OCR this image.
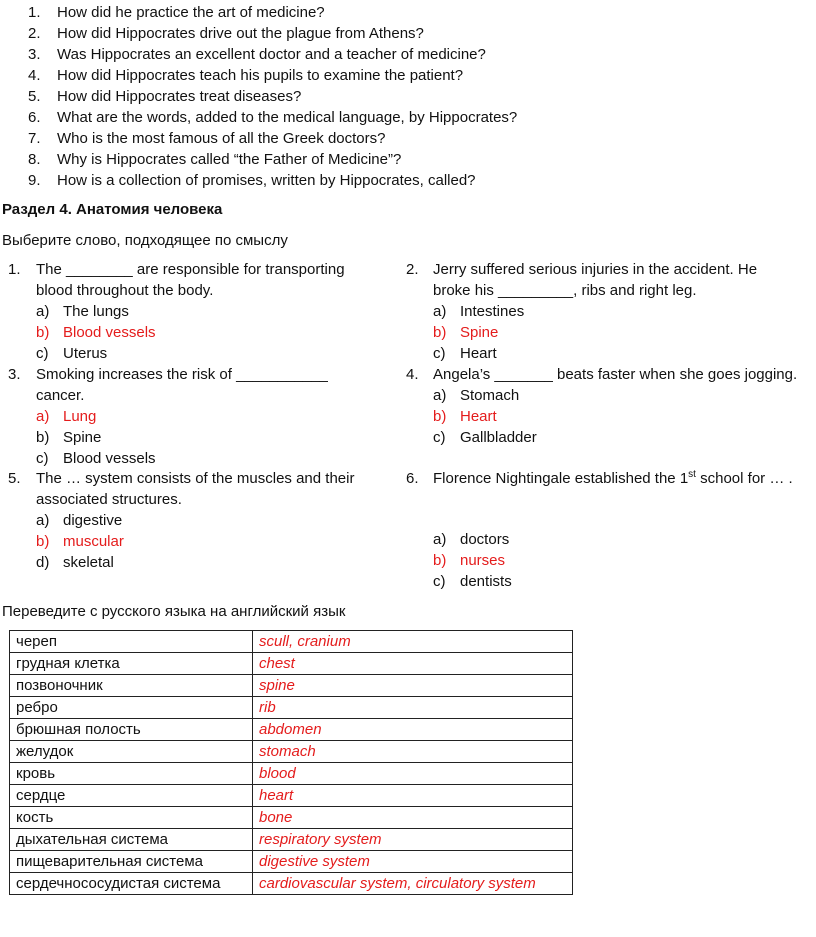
1. How did he practice the art of medicine?
2. How did Hippocrates drive out the plague from Athens?
3. Was Hippocrates an excellent doctor and a teacher of medicine?
4. How did Hippocrates teach his pupils to examine the patient?
5. How did Hippocrates treat diseases?
6. What are the words, added to the medical language, by Hippocrates?
7. Who is the most famous of all the Greek doctors?
8. Why is Hippocrates called “the Father of Medicine”?
9. How is a collection of promises, written by Hippocrates, called?
Раздел 4. Анатомия человека
Выберите слово, подходящее по смыслу
1. The ________ are responsible for transporting
blood throughout the body.
a) The lungs
b) Blood vessels
c) Uterus
2. Jerry suffered serious injuries in the accident. He
broke his _________, ribs and right leg.
a) Intestines
b) Spine
c) Heart
3. Smoking increases the risk of ___________
cancer.
a) Lung
b) Spine
c) Blood vessels
4. Angela’s _______ beats faster when she goes jogging.
a) Stomach
b) Heart
c) Gallbladder
5. The … system consists of the muscles and their
associated structures.
a) digestive
b) muscular
d) skeletal
6. Florence Nightingale established the 1st school for … .
a) doctors
b) nurses
c) dentists
Переведите с русского языка на английский язык
череп	scull, cranium
грудная клетка	chest
позвоночник	spine
ребро	rib
брюшная полость	abdomen
желудок	stomach
кровь	blood
сердце	heart
кость	bone
дыхательная система	respiratory system
пищеварительная система	digestive system
сердечнососудистая система	cardiovascular system, circulatory system
